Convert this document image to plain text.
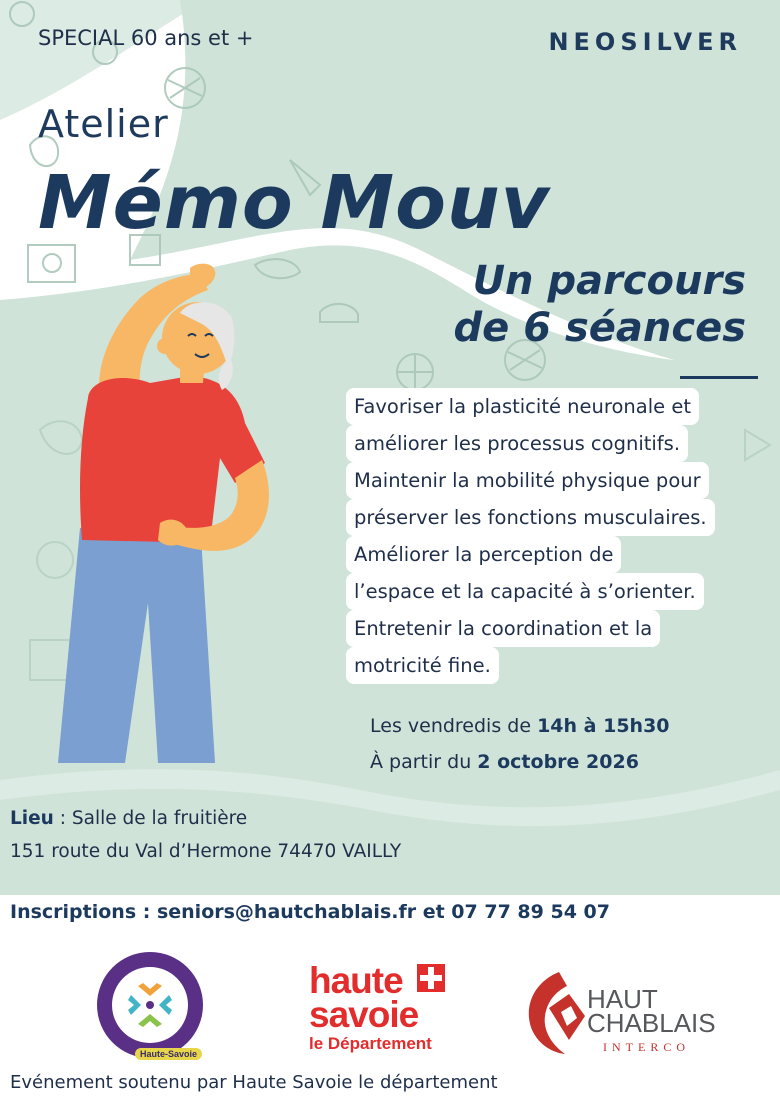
SPECIAL 60 ans et +	NEOSILVER
Atelier
Mémo Mouv
Un parcours
de 6 séances

Favoriser la plasticité neuronale et

améliorer les processus cognitifs.

Maintenir la mobilité physique pour

préserver les fonctions musculaires.

Améliorer la perception de

l’espace et la capacité à s’orienter.

Entretenir la coordination et la

motricité fine.

Les vendredis de 14h à 15h30
À partir du 2 octobre 2026
Lieu : Salle de la fruitière
151 route du Val d’Hermone 74470 VAILLY
Inscriptions : seniors@hautchablais.fr et 07 77 89 54 07
Haute-Savoie
haute
savoie
le Département
HAUT
CHABLAIS
INTERCO
Evénement soutenu par Haute Savoie le département
